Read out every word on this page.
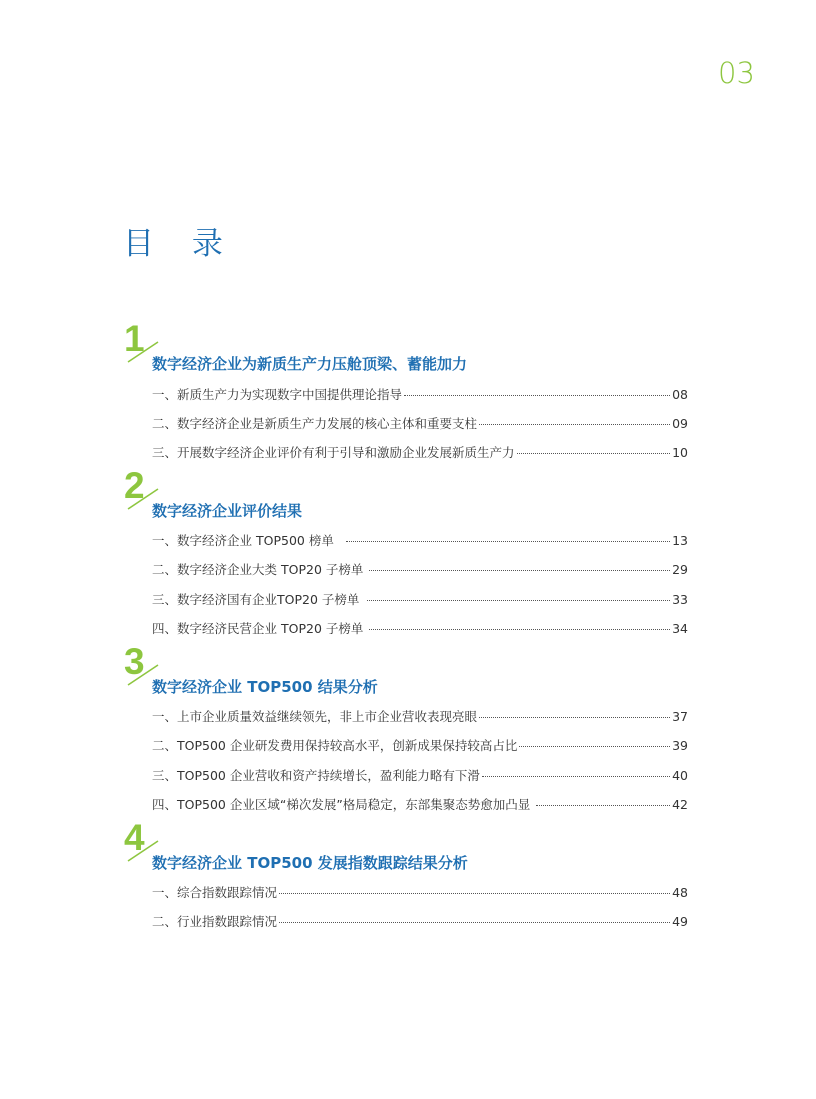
03
目 录
1
数字经济企业为新质生产力压舱顶梁、蓄能加力
一、新质生产力为实现数字中国提供理论指导	08
二、数字经济企业是新质生产力发展的核心主体和重要支柱	09
三、开展数字经济企业评价有利于引导和激励企业发展新质生产力	10
2
数字经济企业评价结果
一、数字经济企业 TOP500 榜单	13
二、数字经济企业大类 TOP20 子榜单	29
三、数字经济国有企业TOP20 子榜单	33
四、数字经济民营企业 TOP20 子榜单	34
3
数字经济企业 TOP500 结果分析
一、上市企业质量效益继续领先，非上市企业营收表现亮眼	37
二、TOP500 企业研发费用保持较高水平，创新成果保持较高占比	39
三、TOP500 企业营收和资产持续增长，盈利能力略有下滑	40
四、TOP500 企业区域“梯次发展”格局稳定，东部集聚态势愈加凸显	42
4
数字经济企业 TOP500 发展指数跟踪结果分析
一、综合指数跟踪情况	48
二、行业指数跟踪情况	49
